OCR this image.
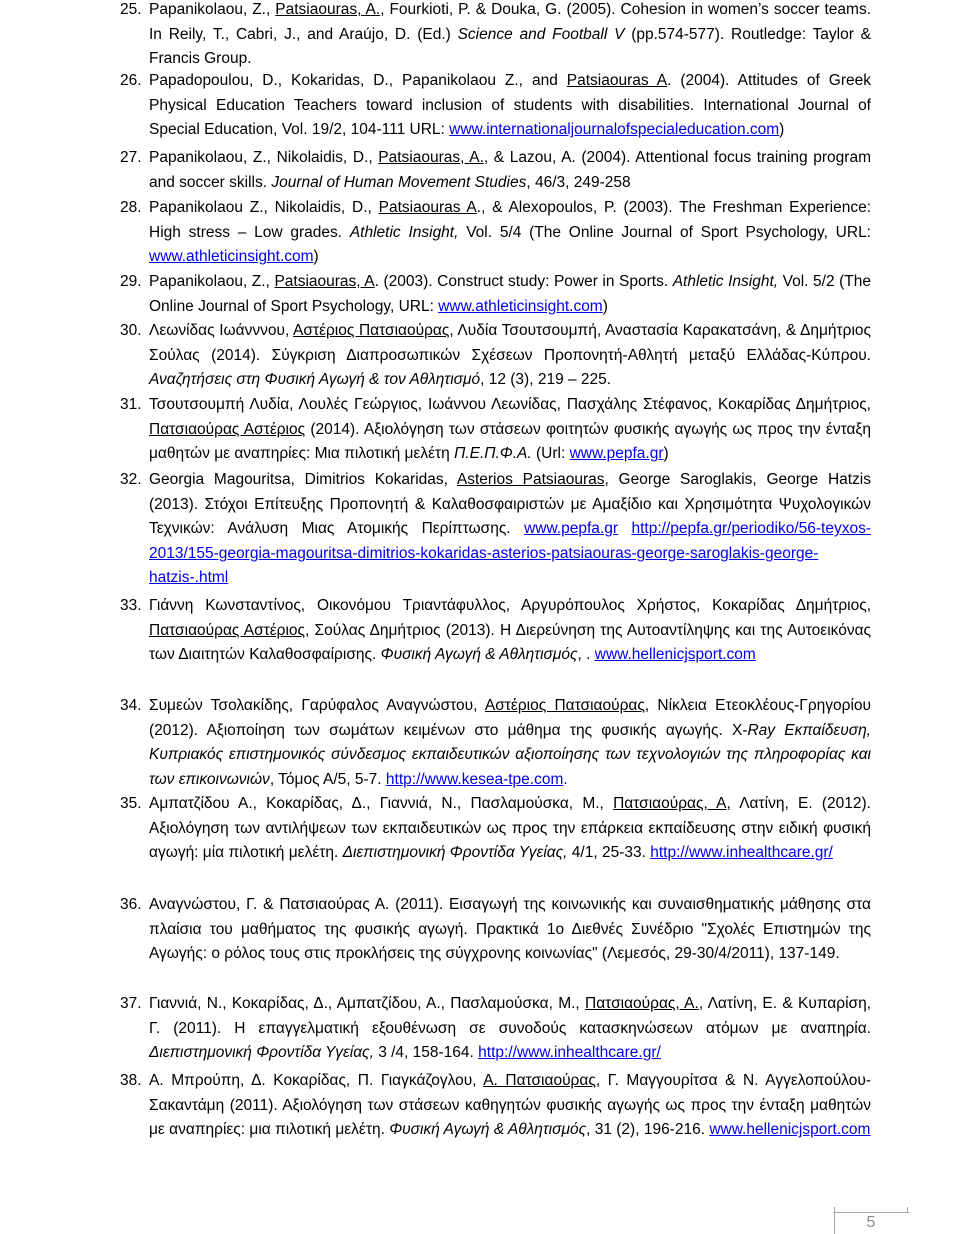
25. Papanikolaou, Z., Patsiaouras, A., Fourkioti, P. & Douka, G. (2005). Cohesion in women’s soccer teams. In Reily, T., Cabri, J., and Araújo, D. (Ed.) Science and Football V (pp.574-577). Routledge: Taylor & Francis Group.
26. Papadopoulou, D., Kokaridas, D., Papanikolaou Z., and Patsiaouras A. (2004). Attitudes of Greek Physical Education Teachers toward inclusion of students with disabilities. International Journal of Special Education, Vol. 19/2, 104-111 URL: www.internationaljournalofspecialeducation.com)
27. Papanikolaou, Z., Nikolaidis, D., Patsiaouras, A., & Lazou, A. (2004). Attentional focus training program and soccer skills. Journal of Human Movement Studies, 46/3, 249-258
28. Papanikolaou Z., Nikolaidis, D., Patsiaouras A., & Alexopoulos, P. (2003). The Freshman Experience: High stress – Low grades. Athletic Insight, Vol. 5/4 (The Online Journal of Sport Psychology, URL: www.athleticinsight.com)
29. Papanikolaou, Z., Patsiaouras, A. (2003). Construct study: Power in Sports. Athletic Insight, Vol. 5/2 (The Online Journal of Sport Psychology, URL: www.athleticinsight.com)
30. Λεωνίδας Ιωάνννου, Αστέριος Πατσιαούρας, Λυδία Τσουτσουμπή, Αναστασία Καρακατσάνη, & Δημήτριος Σούλας (2014). Σύγκριση Διαπροσωπικών Σχέσεων Προπονητή-Αθλητή μεταξύ Ελλάδας-Κύπρου. Αναζητήσεις στη Φυσική Αγωγή & τον Αθλητισμό, 12 (3), 219 – 225.
31. Τσουτσουμπή Λυδία, Λουλές Γεώργιος, Ιωάννου Λεωνίδας, Πασχάλης Στέφανος, Κοκαρίδας Δημήτριος, Πατσιαούρας Αστέριος (2014). Αξιολόγηση των στάσεων φοιτητών φυσικής αγωγής ως προς την ένταξη μαθητών με αναπηρίες: Μια πιλοτική μελέτη Π.Ε.Π.Φ.Α. (Url: www.pepfa.gr)
32. Georgia Magouritsa, Dimitrios Kokaridas, Asterios Patsiaouras, George Saroglakis, George Hatzis (2013). Στόχοι Επίτευξης Προπονητή & Καλαθοσφαιριστών με Αμαξίδιο και Χρησιμότητα Ψυχολογικών Τεχνικών: Ανάλυση Μιας Ατομικής Περίπτωσης. www.pepfa.gr http://pepfa.gr/periodiko/56-teyxos-2013/155-georgia-magouritsa-dimitrios-kokaridas-asterios-patsiaouras-george-saroglakis-george-hatzis-.html
33. Γιάννη Κωνσταντίνος, Οικονόμου Τριαντάφυλλος, Αργυρόπουλος Χρήστος, Κοκαρίδας Δημήτριος, Πατσιαούρας Αστέριος, Σούλας Δημήτριος (2013). Η Διερεύνηση της Αυτοαντίληψης και της Αυτοεικόνας των Διαιτητών Καλαθοσφαίρισης. Φυσική Αγωγή & Αθλητισμός, . www.hellenicjsport.com
34. Συμεών Τσολακίδης, Γαρύφαλος Αναγνώστου, Αστέριος Πατσιαούρας, Νίκλεια Ετεοκλέους-Γρηγορίου (2012). Αξιοποίηση των σωμάτων κειμένων στο μάθημα της φυσικής αγωγής. Χ-Ray Εκπαίδευση, Κυπριακός επιστημονικός σύνδεσμος εκπαιδευτικών αξιοποίησης των τεχνολογιών της πληροφορίας και των επικοινωνιών, Τόμος Α/5, 5-7. http://www.kesea-tpe.com.
35. Αμπατζίδου Α., Κοκαρίδας, Δ., Γιαννιά, Ν., Πασλαμούσκα, Μ., Πατσιαούρας, Α, Λατίνη, Ε. (2012). Αξιολόγηση των αντιλήψεων των εκπαιδευτικών ως προς την επάρκεια εκπαίδευσης στην ειδική φυσική αγωγή: μία πιλοτική μελέτη. Διεπιστημονική Φροντίδα Υγείας, 4/1, 25-33. http://www.inhealthcare.gr/
36. Αναγνώστου, Γ. & Πατσιαούρας Α. (2011). Εισαγωγή της κοινωνικής και συναισθηματικής μάθησης στα πλαίσια του μαθήματος της φυσικής αγωγή. Πρακτικά 1ο Διεθνές Συνέδριο "Σχολές Επιστημών της Αγωγής: ο ρόλος τους στις προκλήσεις της σύγχρονης κοινωνίας" (Λεμεσός, 29-30/4/2011), 137-149.
37. Γιαννιά, Ν., Κοκαρίδας, Δ., Αμπατζίδου, Α., Πασλαμούσκα, Μ., Πατσιαούρας, Α., Λατίνη, Ε. & Κυπαρίση, Γ. (2011). Η επαγγελματική εξουθένωση σε συνοδούς κατασκηνώσεων ατόμων με αναπηρία. Διεπιστημονική Φροντίδα Υγείας, 3 /4, 158-164. http://www.inhealthcare.gr/
38. Α. Μπρούπη, Δ. Κοκαρίδας, Π. Γιαγκάζογλου, Α. Πατσιαούρας, Γ. Μαγγουρίτσα & Ν. Αγγελοπούλου-Σακαντάμη (2011). Αξιολόγηση των στάσεων καθηγητών φυσικής αγωγής ως προς την ένταξη μαθητών με αναπηρίες: μια πιλοτική μελέτη. Φυσική Αγωγή & Αθλητισμός, 31 (2), 196-216. www.hellenicjsport.com
5
